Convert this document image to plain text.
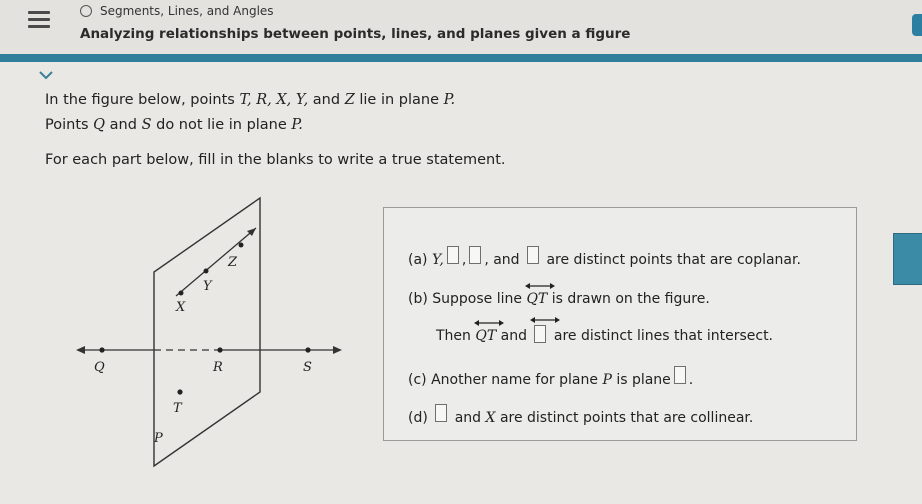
Segments, Lines, and Angles
Analyzing relationships between points, lines, and planes given a figure
In the figure below, points T, R, X, Y, and Z lie in plane P.
Points Q and S do not lie in plane P.
For each part below, fill in the blanks to write a true statement.
Z
Y
X
Q	R	S
T
P
(a)
Y, , , and

are distinct points that are coplanar.
(b)
Suppose line
QT
is drawn on the figure.
Then
QT
and

are distinct lines that intersect.
(c)
Another name for plane
P
is plane .
(d)

and
X
are distinct points that are collinear.
